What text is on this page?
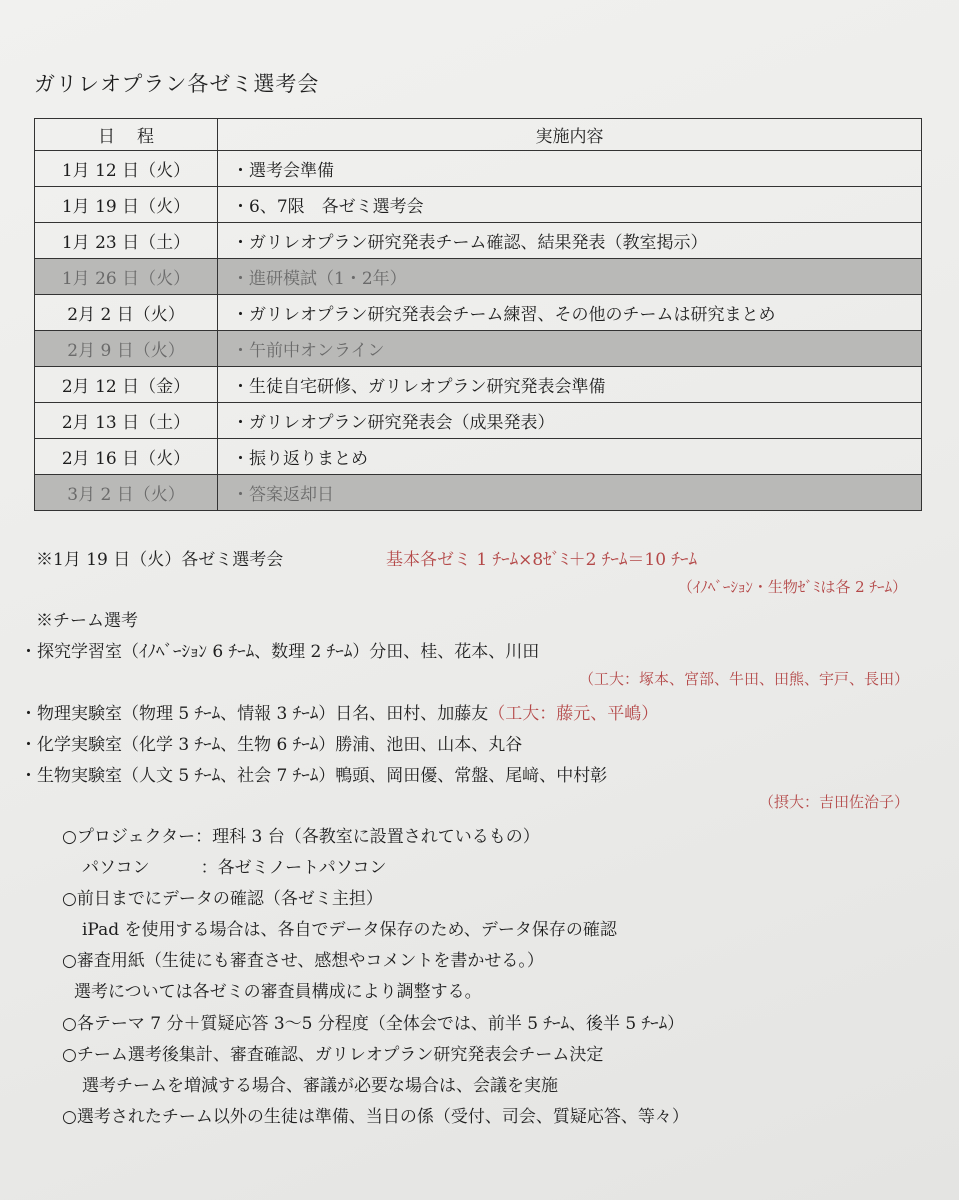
ガリレオプラン各ゼミ選考会
日程	実施内容
1月 12 日（火）	・選考会準備
1月 19 日（火）	・6、7限　各ゼミ選考会
1月 23 日（土）	・ガリレオプラン研究発表チーム確認、結果発表（教室掲示）
1月 26 日（火）	・進研模試（1・2年）
2月 2 日（火）	・ガリレオプラン研究発表会チーム練習、その他のチームは研究まとめ
2月 9 日（火）	・午前中オンライン
2月 12 日（金）	・生徒自宅研修、ガリレオプラン研究発表会準備
2月 13 日（土）	・ガリレオプラン研究発表会（成果発表）
2月 16 日（火）	・振り返りまとめ
3月 2 日（火）	・答案返却日
※1月 19 日（火）各ゼミ選考会	基本各ゼミ 1 ﾁｰﾑ×8ｾﾞﾐ＋2 ﾁｰﾑ＝10 ﾁｰﾑ
（ｲﾉﾍﾞｰｼｮﾝ・生物ｾﾞﾐは各 2 ﾁｰﾑ）
※チーム選考
・探究学習室（ｲﾉﾍﾞｰｼｮﾝ 6 ﾁｰﾑ、数理 2 ﾁｰﾑ）分田、桂、花本、川田
（工大：塚本、宮部、牛田、田熊、宇戸、長田）
・物理実験室（物理 5 ﾁｰﾑ、情報 3 ﾁｰﾑ）日名、田村、加藤友（工大：藤元、平嶋）
・化学実験室（化学 3 ﾁｰﾑ、生物 6 ﾁｰﾑ）勝浦、池田、山本、丸谷
・生物実験室（人文 5 ﾁｰﾑ、社会 7 ﾁｰﾑ）鴨頭、岡田優、常盤、尾﨑、中村彰
（摂大：吉田佐治子）
○プロジェクター：理科 3 台（各教室に設置されているもの）
パソコン　　　：各ゼミノートパソコン
○前日までにデータの確認（各ゼミ主担）
iPad を使用する場合は、各自でデータ保存のため、データ保存の確認
○審査用紙（生徒にも審査させ、感想やコメントを書かせる。）
選考については各ゼミの審査員構成により調整する。
○各テーマ 7 分＋質疑応答 3～5 分程度（全体会では、前半 5 ﾁｰﾑ、後半 5 ﾁｰﾑ）
○チーム選考後集計、審査確認、ガリレオプラン研究発表会チーム決定
選考チームを増減する場合、審議が必要な場合は、会議を実施
○選考されたチーム以外の生徒は準備、当日の係（受付、司会、質疑応答、等々）
